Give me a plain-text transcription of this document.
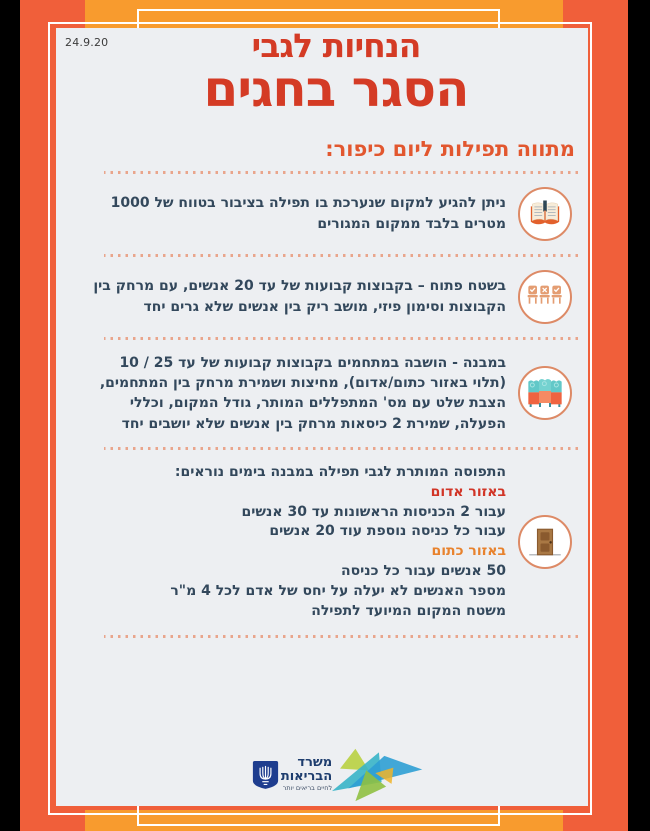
24.9.20	הנחיות לגבי
הסגר בחגים
מתווה תפילות ליום כיפור:
ניתן להגיע למקום שנערכת בו תפילה בציבור בטווח של 1000 מטרים בלבד ממקום המגורים
בשטח פתוח – בקבוצות קבועות של עד 20 אנשים, עם מרחק בין הקבוצות וסימון פיזי, מושב ריק בין אנשים שלא גרים יחד
במבנה - הושבה במתחמים בקבוצות קבועות של עד 25 / 10 (תלוי באזור כתום/אדום), מחיצות ושמירת מרחק בין המתחמים, הצבת שלט עם מס' המתפללים המותר, גודל המקום, וכללי הפעלה, שמירת 2 כיסאות מרחק בין אנשים שלא יושבים יחד
התפוסה המותרת לגבי תפילה במבנה בימים נוראים:
באזור אדום
עבור 2 הכניסות הראשונות עד 30 אנשים
עבור כל כניסה נוספת עוד 20 אנשים
באזור כתום
50 אנשים עבור כל כניסה
מספר האנשים לא יעלה על יחס של אדם לכל 4 מ"ר
משטח המקום המיועד לתפילה
משרד
הבריאות
לחיים בריאים יותר
